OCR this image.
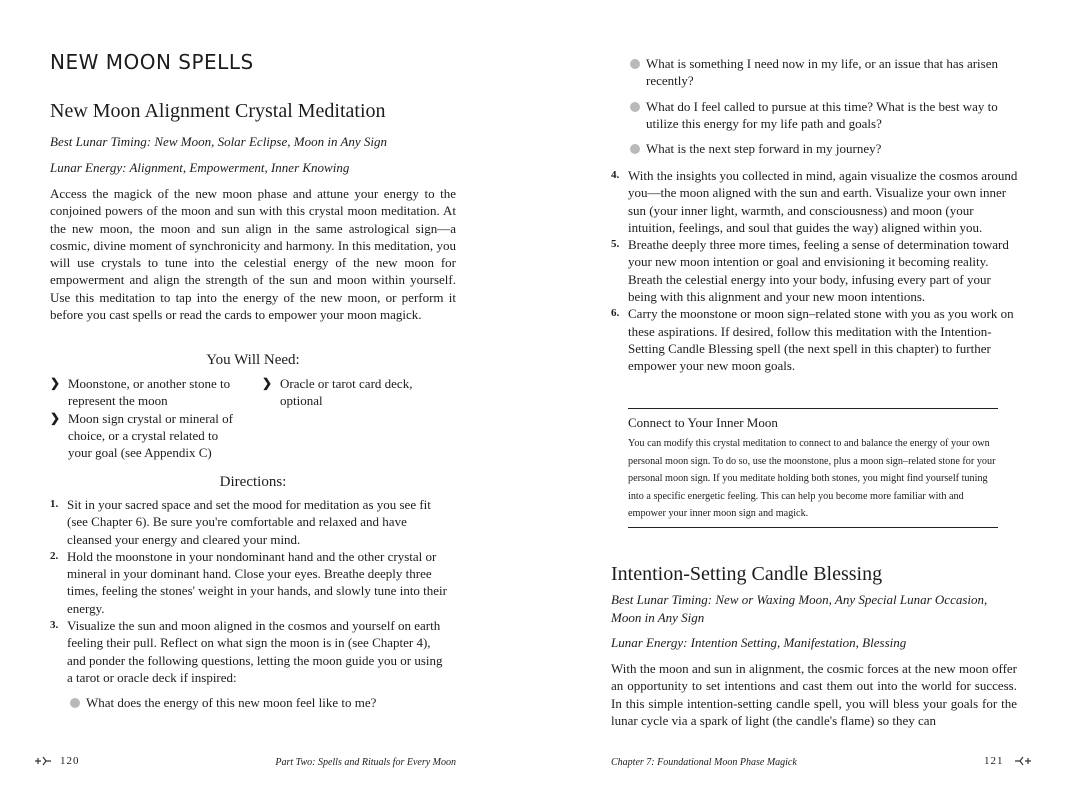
NEW MOON SPELLS
New Moon Alignment Crystal Meditation
Best Lunar Timing: New Moon, Solar Eclipse, Moon in Any Sign
Lunar Energy: Alignment, Empowerment, Inner Knowing
Access the magick of the new moon phase and attune your energy to the conjoined powers of the moon and sun with this crystal moon meditation. At the new moon, the moon and sun align in the same astrological sign—a cosmic, divine moment of synchronicity and harmony. In this meditation, you will use crystals to tune into the celestial energy of the new moon for empowerment and align the strength of the sun and moon within yourself. Use this meditation to tap into the energy of the new moon, or perform it before you cast spells or read the cards to empower your moon magick.
You Will Need:
❯ Moonstone, or another stone to represent the moon
❯ Moon sign crystal or mineral of choice, or a crystal related to your goal (see Appendix C)
❯ Oracle or tarot card deck, optional
Directions:
1. Sit in your sacred space and set the mood for meditation as you see fit (see Chapter 6). Be sure you're comfortable and relaxed and have cleansed your energy and cleared your mind.
2. Hold the moonstone in your nondominant hand and the other crystal or mineral in your dominant hand. Close your eyes. Breathe deeply three times, feeling the stones' weight in your hands, and slowly tune into their energy.
3. Visualize the sun and moon aligned in the cosmos and yourself on earth feeling their pull. Reflect on what sign the moon is in (see Chapter 4), and ponder the following questions, letting the moon guide you or using a tarot or oracle deck if inspired:
What does the energy of this new moon feel like to me?
120	Part Two: Spells and Rituals for Every Moon
What is something I need now in my life, or an issue that has arisen recently?
What do I feel called to pursue at this time? What is the best way to utilize this energy for my life path and goals?
What is the next step forward in my journey?
4. With the insights you collected in mind, again visualize the cosmos around you—the moon aligned with the sun and earth. Visualize your own inner sun (your inner light, warmth, and consciousness) and moon (your intuition, feelings, and soul that guides the way) aligned within you.
5. Breathe deeply three more times, feeling a sense of determination toward your new moon intention or goal and envisioning it becoming reality. Breath the celestial energy into your body, infusing every part of your being with this alignment and your new moon intentions.
6. Carry the moonstone or moon sign–related stone with you as you work on these aspirations. If desired, follow this meditation with the Intention-Setting Candle Blessing spell (the next spell in this chapter) to further empower your new moon goals.
Intention-Setting Candle Blessing
Best Lunar Timing: New or Waxing Moon, Any Special Lunar Occasion, Moon in Any Sign
Lunar Energy: Intention Setting, Manifestation, Blessing
With the moon and sun in alignment, the cosmic forces at the new moon offer an opportunity to set intentions and cast them out into the world for success. In this simple intention-setting candle spell, you will bless your goals for the lunar cycle via a spark of light (the candle's flame) so they can
121
Chapter 7: Foundational Moon Phase Magick
Connect to Your Inner Moon
You can modify this crystal meditation to connect to and balance the energy of your own personal moon sign. To do so, use the moonstone, plus a moon sign–related stone for your personal moon sign. If you meditate holding both stones, you might find yourself tuning into a specific energetic feeling. This can help you become more familiar with and empower your inner moon sign and magick.
